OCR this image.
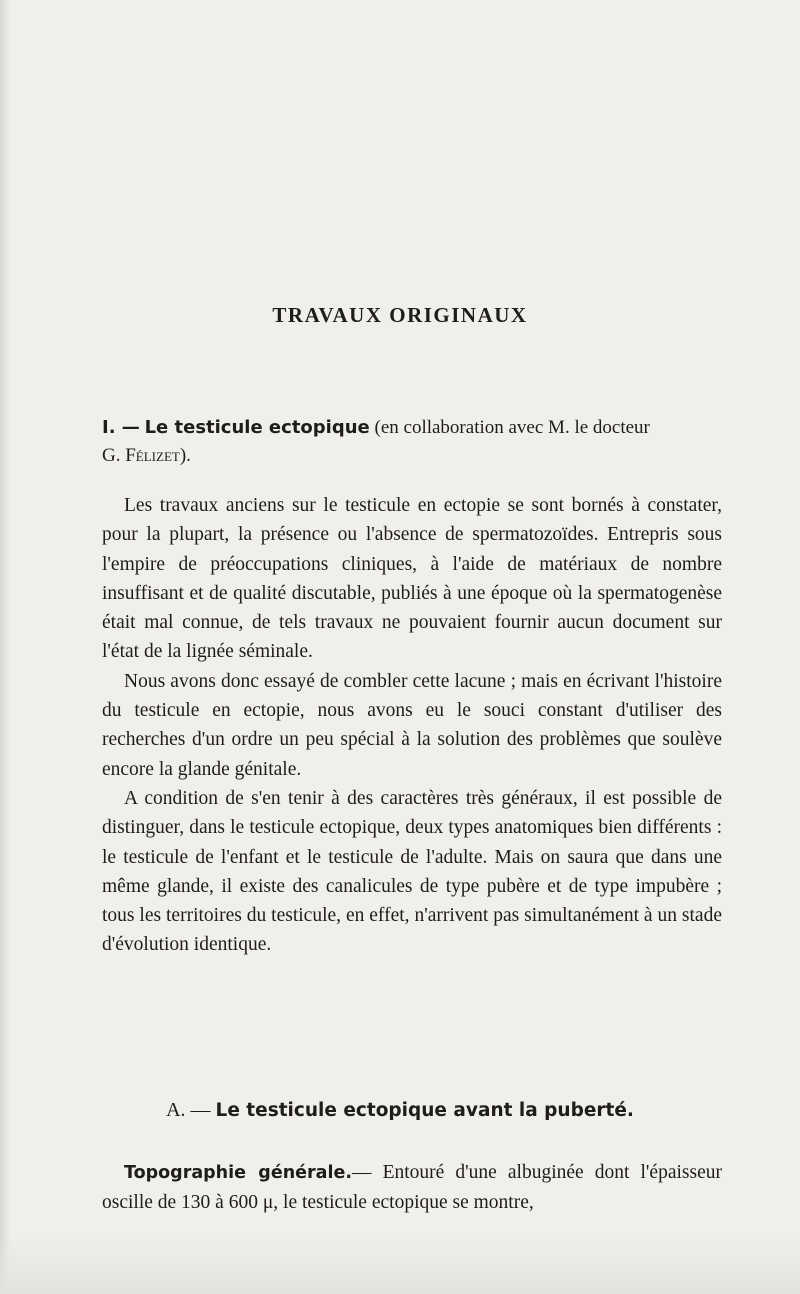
TRAVAUX ORIGINAUX
I. — Le testicule ectopique (en collaboration avec M. le docteur
G. Félizet).

Les travaux anciens sur le testicule en ectopie se sont bornés à constater, pour la plupart, la présence ou l'absence de spermatozoïdes. Entrepris sous l'empire de préoccupations cliniques, à l'aide de matériaux de nombre insuffisant et de qualité discutable, publiés à une époque où la spermatogenèse était mal connue, de tels travaux ne pouvaient fournir aucun document sur l'état de la lignée séminale.

Nous avons donc essayé de combler cette lacune ; mais en écrivant l'histoire du testicule en ectopie, nous avons eu le souci constant d'utiliser des recherches d'un ordre un peu spécial à la solution des problèmes que soulève encore la glande génitale.

A condition de s'en tenir à des caractères très généraux, il est possible de distinguer, dans le testicule ectopique, deux types anatomiques bien différents : le testicule de l'enfant et le testicule de l'adulte. Mais on saura que dans une même glande, il existe des canalicules de type pubère et de type impubère ; tous les territoires du testicule, en effet, n'arrivent pas simultanément à un stade d'évolution identique.

A. — Le testicule ectopique avant la puberté.

Topographie générale.— Entouré d'une albuginée dont l'épaisseur oscille de 130 à 600 μ, le testicule ectopique se montre,
